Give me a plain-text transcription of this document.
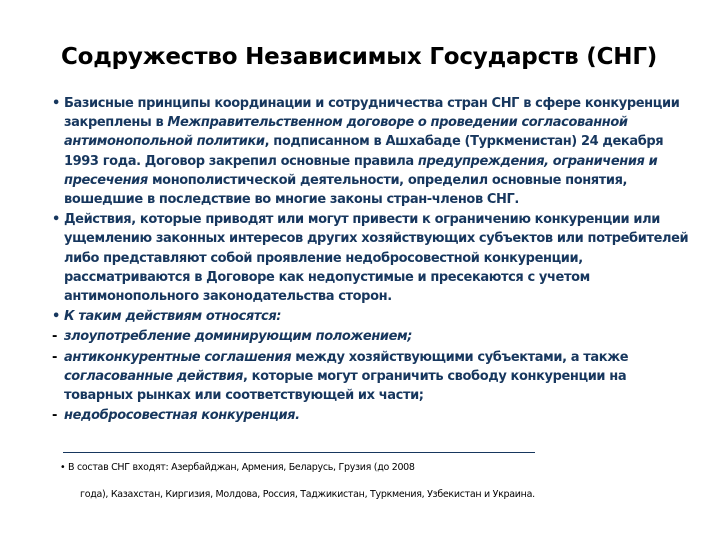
Содружество Независимых Государств (СНГ)
• Базисные принципы координации и сотрудничества стран СНГ в сфере конкуренции закреплены в Межправительственном договоре о проведении согласованной антимонопольной политики, подписанном в Ашхабаде (Туркменистан) 24 декабря 1993 года. Договор закрепил основные правила предупреждения, ограничения и пресечения монополистической деятельности, определил основные понятия, вошедшие в последствие во многие законы стран-членов СНГ.
• Действия, которые приводят или могут привести к ограничению конкуренции или ущемлению законных интересов других хозяйствующих субъектов или потребителей либо представляют собой проявление недобросовестной конкуренции, рассматриваются в Договоре как недопустимые и пресекаются с учетом антимонопольного законодательства сторон.
• К таким действиям относятся:
- злоупотребление доминирующим положением;
- антиконкурентные соглашения между хозяйствующими субъектами, а также согласованные действия, которые могут ограничить свободу конкуренции на товарных рынках или соответствующей их части;
- недобросовестная конкуренция.
• В состав СНГ входят: Азербайджан, Армения, Беларусь, Грузия (до 2008
года), Казахстан, Киргизия, Молдова, Россия, Таджикистан, Туркмения, Узбекистан и Украина.
